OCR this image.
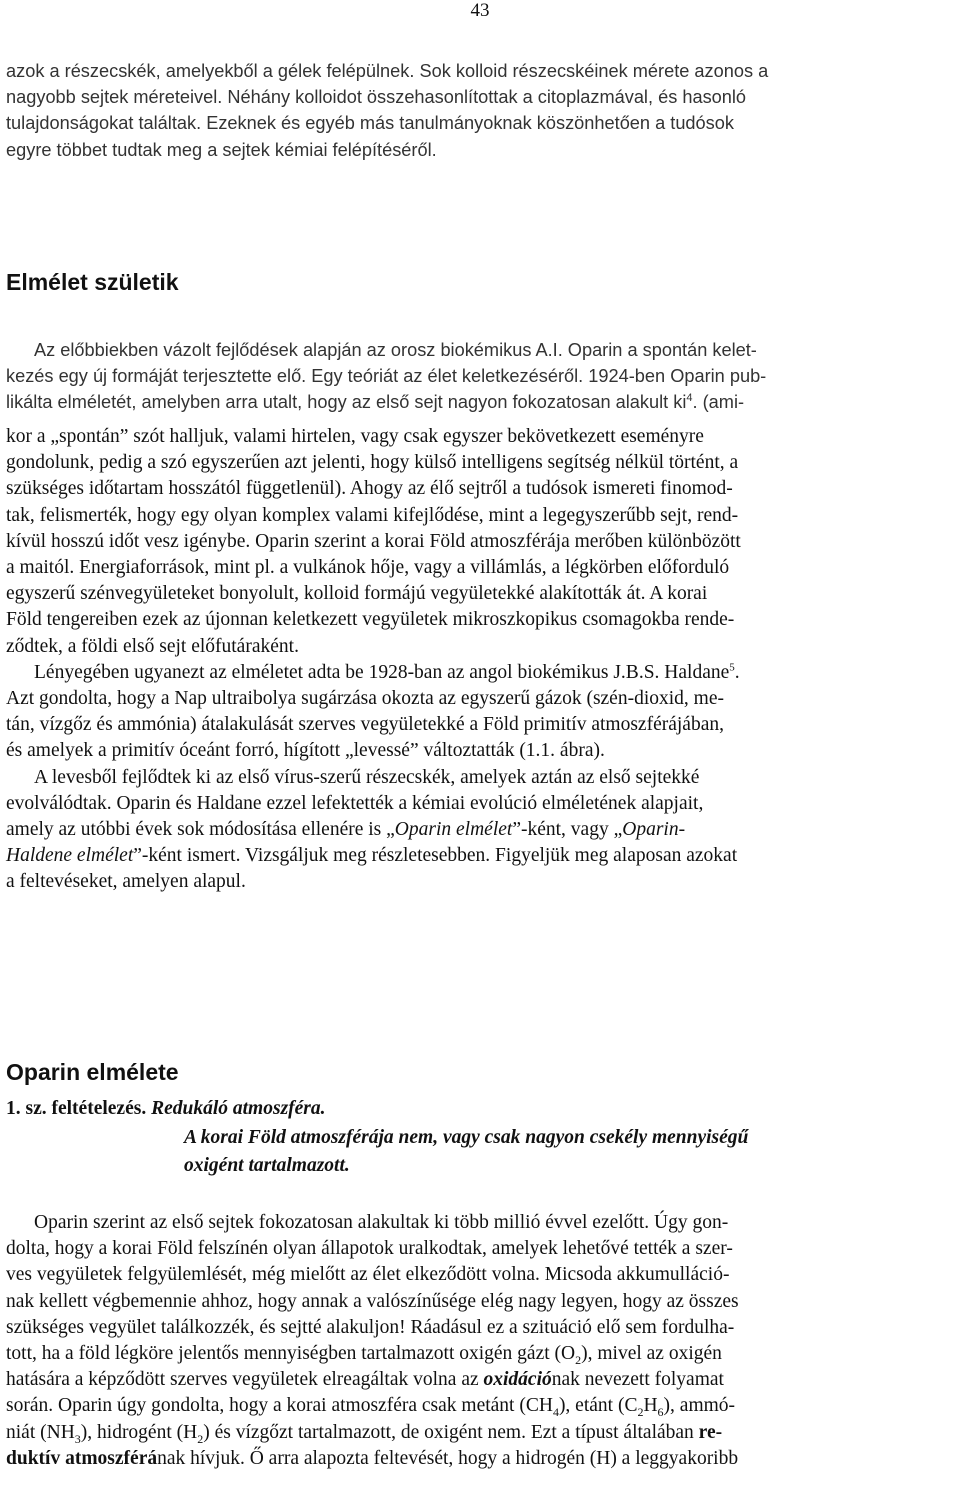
43

azok a részecskék, amelyekből a gélek felépülnek. Sok kolloid részecskéinek mérete azonos a
nagyobb sejtek méreteivel. Néhány kolloidot összehasonlítottak a citoplazmával, és hasonló
tulajdonságokat találtak. Ezeknek és egyéb más tanulmányoknak köszönhetően a tudósok
egyre többet tudtak meg a sejtek kémiai felépítéséről.

Elmélet születik

Az előbbiekben vázolt fejlődések alapján az orosz biokémikus A.I. Oparin a spontán kelet-
kezés egy új formáját terjesztette elő. Egy teóriát az élet keletkezéséről. 1924-ben Oparin pub-
likálta elméletét, amelyben arra utalt, hogy az első sejt nagyon fokozatosan alakult $ki^4$. (ami-

kor a „spontán” szót halljuk, valami hirtelen, vagy csak egyszer bekövetkezett eseményre
gondolunk, pedig a szó egyszerűen azt jelenti, hogy külső intelligens segítség nélkül történt, a
szükséges időtartam hosszától függetlenül). Ahogy az élő sejtről a tudósok ismereti finomod-
tak, felismerték, hogy egy olyan komplex valami kifejlődése, mint a legegyszerűbb sejt, rend-
kívül hosszú időt vesz igénybe. Oparin szerint a korai Föld atmoszférája merőben különbözött
a maitól. Energiaforrások, mint pl. a vulkánok hője, vagy a villámlás, a légkörben előforduló
egyszerű szénvegyületeket bonyolult, kolloid formájú vegyületekké alakították át. A korai
Föld tengereiben ezek az újonnan keletkezett vegyületek mikroszkopikus csomagokba rende-
ződtek, a földi első sejt előfutáraként.
Lényegében ugyanezt az elméletet adta be 1928-ban az angol biokémikus J.B.S. Haldane$^5$.
Azt gondolta, hogy a Nap ultraibolya sugárzása okozta az egyszerű gázok (szén-dioxid, me-
tán, vízgőz és ammónia) átalakulását szerves vegyületekké a Föld primitív atmoszférájában,
és amelyek a primitív óceánt forró, hígított „levessé” változtatták (1.1. ábra).
A levesből fejlődtek ki az első vírus-szerű részecskék, amelyek aztán az első sejtekké
evolválódtak. Oparin és Haldane ezzel lefektették a kémiai evolúció elméletének alapjait,
amely az utóbbi évek sok módosítása ellenére is „Oparin elmélet”-ként, vagy „Oparin-
Haldene elmélet”-ként ismert. Vizsgáljuk meg részletesebben. Figyeljük meg alaposan azokat
a feltevéseket, amelyen alapul.

Oparin elmélete

1. sz. feltételezés. Redukáló atmoszféra.

A korai Föld atmoszférája nem, vagy csak nagyon csekély mennyiségű
oxigént tartalmazott.

Oparin szerint az első sejtek fokozatosan alakultak ki több millió évvel ezelőtt. Úgy gon-
dolta, hogy a korai Föld felszínén olyan állapotok uralkodtak, amelyek lehetővé tették a szer-
ves vegyületek felgyülemlését, még mielőtt az élet elkeződött volna. Micsoda akkumulláció-
nak kellett végbemennie ahhoz, hogy annak a valószínűsége elég nagy legyen, hogy az összes
szükséges vegyület találkozzék, és sejtté alakuljon! Ráadásul ez a szituáció elő sem fordulha-
tott, ha a föld légköre jelentős mennyiségben tartalmazott oxigén gázt $(O_2)$, mivel az oxigén
hatására a képződött szerves vegyületek elreagáltak volna az oxidációnak nevezett folyamat
során. Oparin úgy gondolta, hogy a korai atmoszféra csak metánt $(CH_4)$, etánt $(C_2H_6)$, ammó-
niát $(NH_3)$, hidrogént $(H_2)$ és vízgőzt tartalmazott, de oxigént nem. Ezt a típust általában re-
duktív atmoszférának hívjuk. Ő arra alapozta feltevését, hogy a hidrogén (H) a leggyakoribb
